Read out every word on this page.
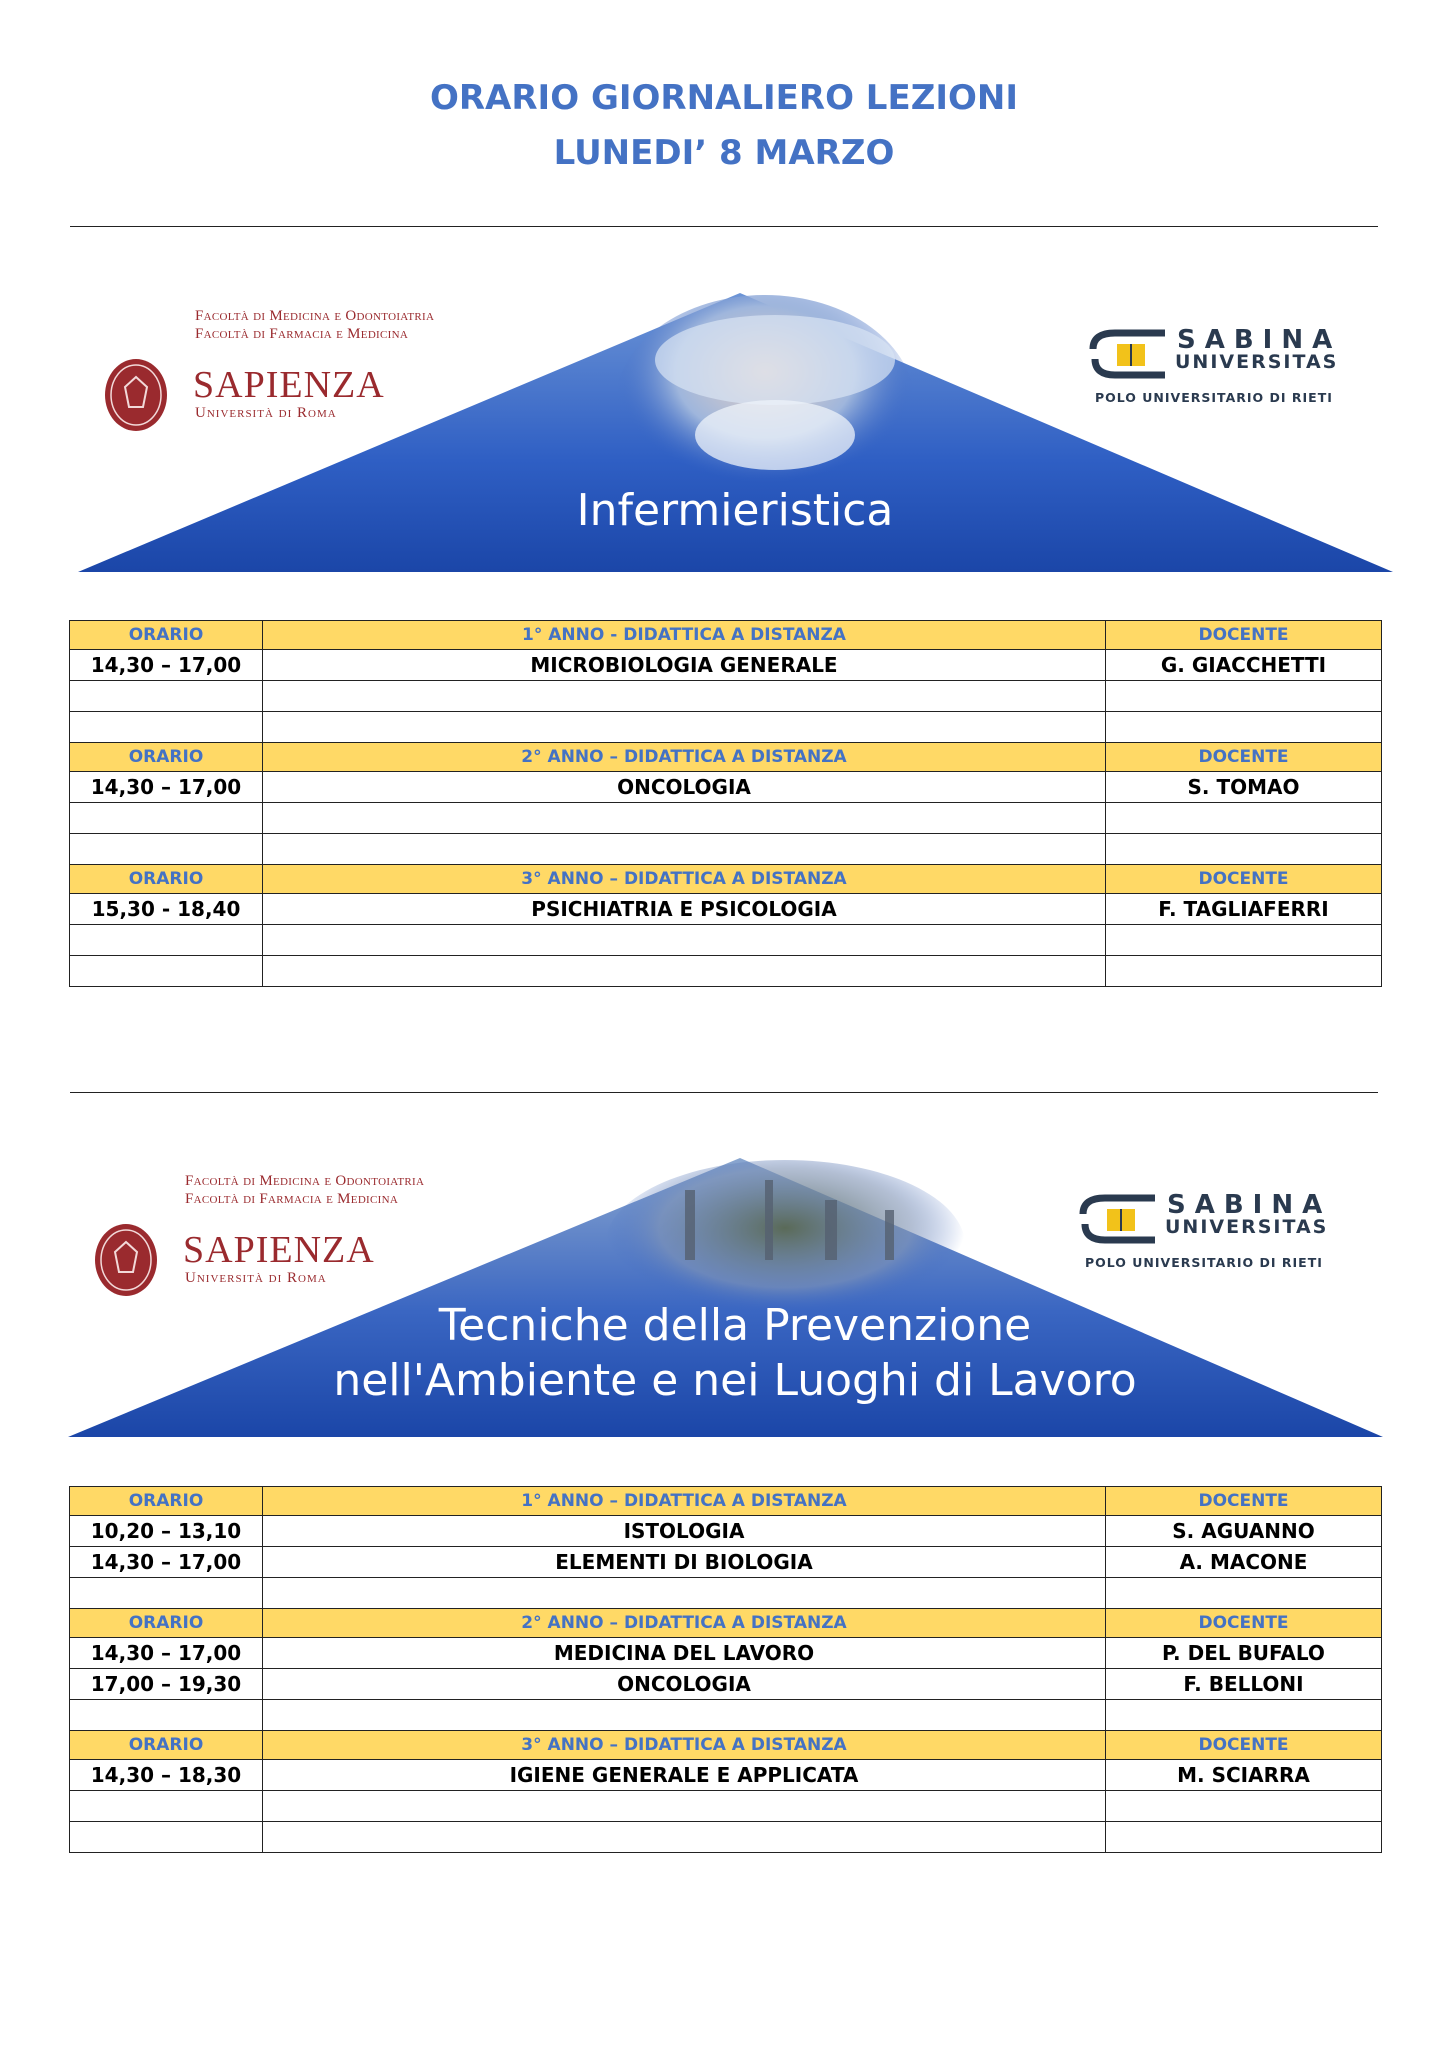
ORARIO GIORNALIERO LEZIONI
LUNEDI’ 8 MARZO
Facoltà di Medicina e Odontoiatria
Facoltà di Farmacia e Medicina
SAPIENZA
Università di Roma
SABINA
UNIVERSITAS
POLO UNIVERSITARIO DI RIETI
Infermieristica
ORARIO	1° ANNO - DIDATTICA A DISTANZA	DOCENTE
14,30 – 17,00	MICROBIOLOGIA GENERALE	G. GIACCHETTI

ORARIO	2° ANNO – DIDATTICA A DISTANZA	DOCENTE
14,30 – 17,00	ONCOLOGIA	S. TOMAO

ORARIO	3° ANNO – DIDATTICA A DISTANZA	DOCENTE
15,30 - 18,40	PSICHIATRIA E PSICOLOGIA	F. TAGLIAFERRI

Facoltà di Medicina e Odontoiatria
Facoltà di Farmacia e Medicina
SAPIENZA
Università di Roma
SABINA
UNIVERSITAS
POLO UNIVERSITARIO DI RIETI
Tecniche della Prevenzione
nell'Ambiente e nei Luoghi di Lavoro
ORARIO	1° ANNO – DIDATTICA A DISTANZA	DOCENTE
10,20 – 13,10	ISTOLOGIA	S. AGUANNO
14,30 – 17,00	ELEMENTI DI BIOLOGIA	A. MACONE

ORARIO	2° ANNO – DIDATTICA A DISTANZA	DOCENTE
14,30 – 17,00	MEDICINA DEL LAVORO	P. DEL BUFALO
17,00 – 19,30	ONCOLOGIA	F. BELLONI

ORARIO	3° ANNO – DIDATTICA A DISTANZA	DOCENTE
14,30 – 18,30	IGIENE GENERALE E APPLICATA	M. SCIARRA
